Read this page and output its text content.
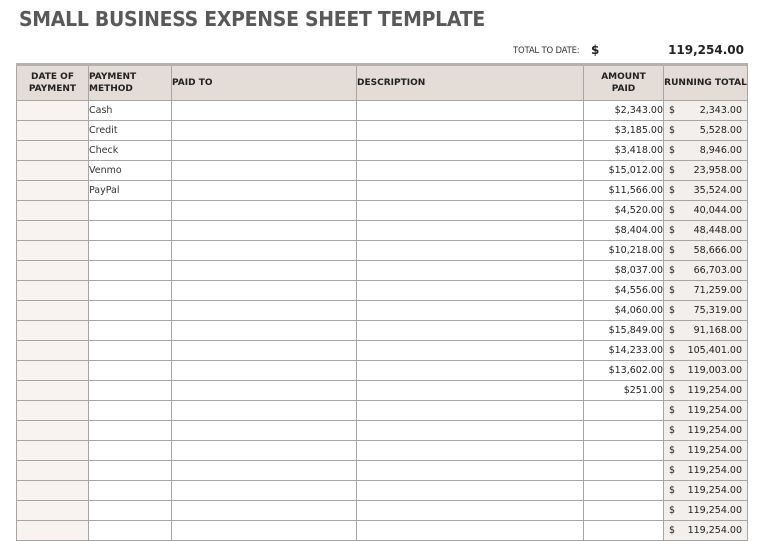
SMALL BUSINESS EXPENSE SHEET TEMPLATE
TOTAL TO DATE: $	119,254.00
DATE OF PAYMENT	PAYMENT METHOD	PAID TO	DESCRIPTION	AMOUNT PAID	RUNNING TOTAL
	Cash			$2,343.00	$ 2,343.00

	Credit			$3,185.00	$ 5,528.00

	Check			$3,418.00	$ 8,946.00

	Venmo			$15,012.00	$ 23,958.00

	PayPal			$11,566.00	$ 35,524.00

				$4,520.00	$ 40,044.00

				$8,404.00	$ 48,448.00

				$10,218.00	$ 58,666.00

				$8,037.00	$ 66,703.00

				$4,556.00	$ 71,259.00

				$4,060.00	$ 75,319.00

				$15,849.00	$ 91,168.00

				$14,233.00	$ 105,401.00

				$13,602.00	$ 119,003.00

				$251.00	$ 119,254.00

					$ 119,254.00

					$ 119,254.00

					$ 119,254.00

					$ 119,254.00

					$ 119,254.00

					$ 119,254.00

					$ 119,254.00
